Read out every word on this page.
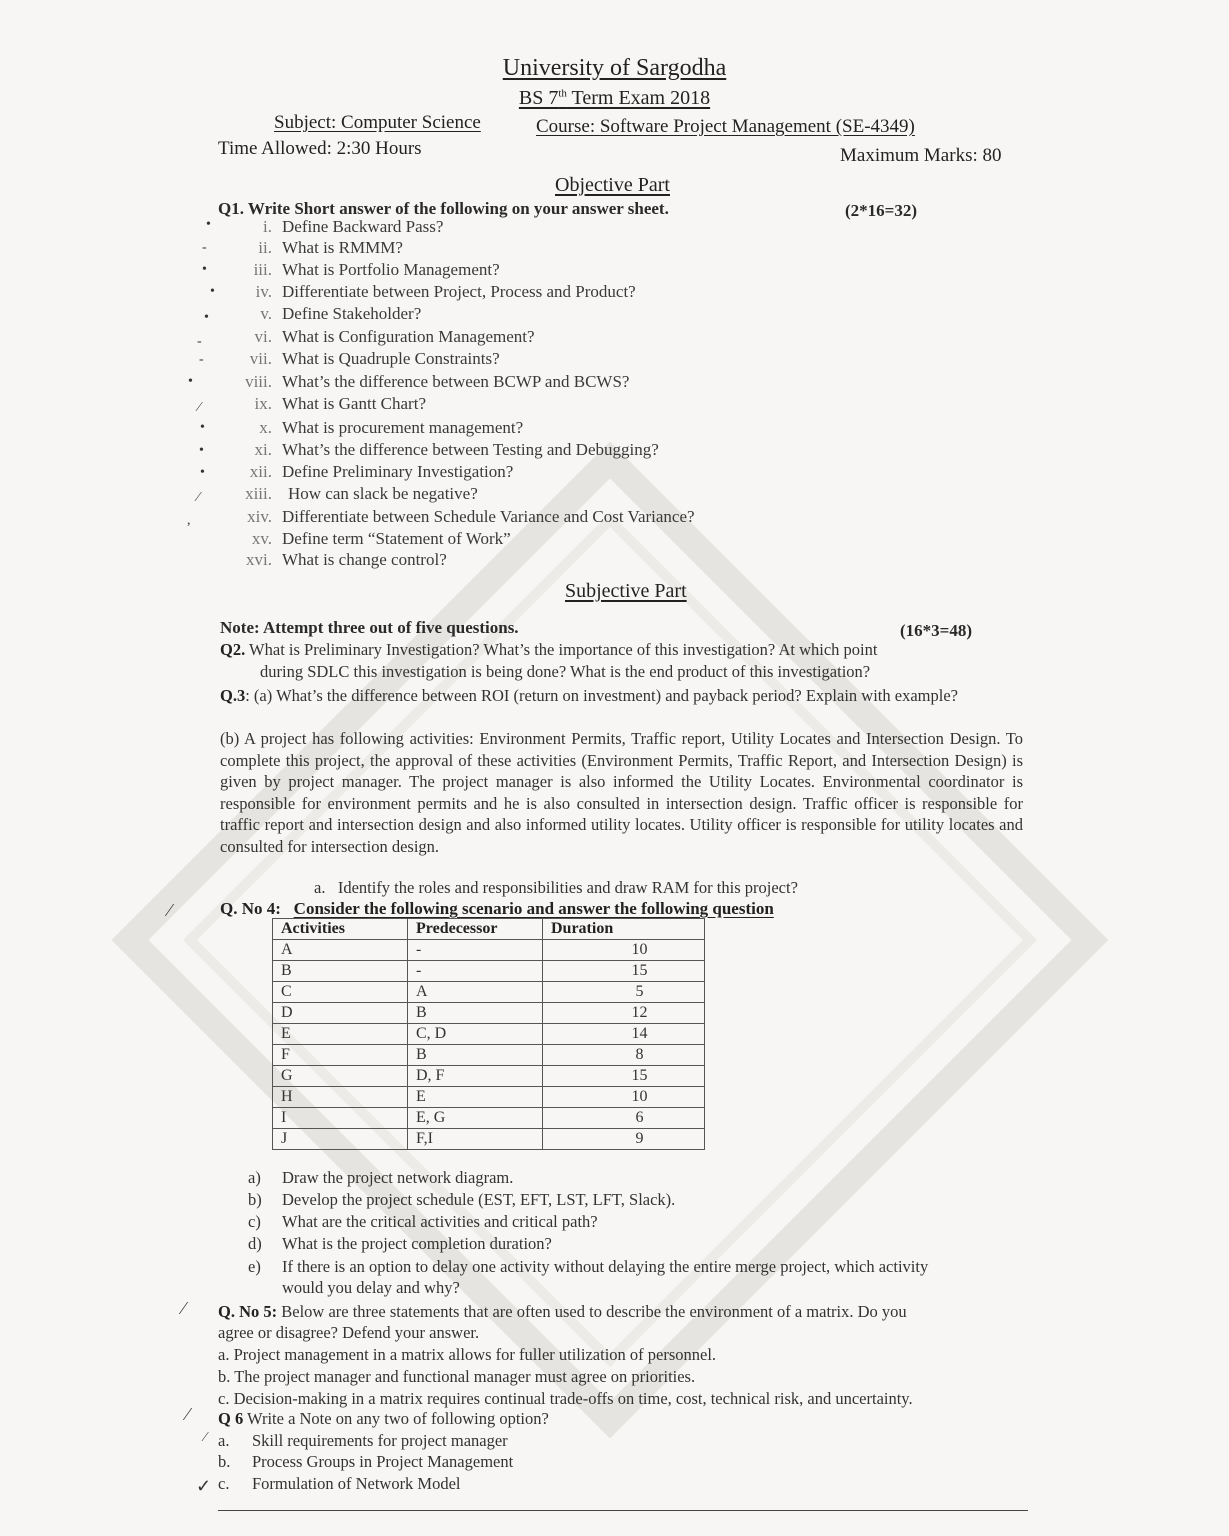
University of Sargodha
BS 7th Term Exam 2018
Subject: Computer Science	Course: Software Project Management (SE-4349)
Time Allowed: 2:30 Hours	Maximum Marks: 80
Objective Part
Q1. Write Short answer of the following on your answer sheet.	(2*16=32)
i. Define Backward Pass?
ii. What is RMMM?
iii. What is Portfolio Management?
iv. Differentiate between Project, Process and Product?
v. Define Stakeholder?
vi. What is Configuration Management?
vii. What is Quadruple Constraints?
viii. What’s the difference between BCWP and BCWS?
ix. What is Gantt Chart?
x. What is procurement management?
xi. What’s the difference between Testing and Debugging?
xii. Define Preliminary Investigation?
xiii. How can slack be negative?
xiv. Differentiate between Schedule Variance and Cost Variance?
xv. Define term “Statement of Work”
xvi. What is change control?
•
-
•
•
•
-
-
•
⁄
•
•
•
⁄
,
Subjective Part
Note: Attempt three out of five questions.	(16*3=48)
Q2. What is Preliminary Investigation? What’s the importance of this investigation? At which point
during SDLC this investigation is being done? What is the end product of this investigation?
Q.3: (a) What’s the difference between ROI (return on investment) and payback period? Explain with example?
(b) A project has following activities: Environment Permits, Traffic report, Utility Locates and Intersection Design. To complete this project, the approval of these activities (Environment Permits, Traffic Report, and Intersection Design) is given by project manager. The project manager is also informed the Utility Locates. Environmental coordinator is responsible for environment permits and he is also consulted in intersection design. Traffic officer is responsible for traffic report and intersection design and also informed utility locates. Utility officer is responsible for utility locates and consulted for intersection design.
a. Identify the roles and responsibilities and draw RAM for this project?
⁄	Q. No 4: Consider the following scenario and answer the following question
Activities	Predecessor	Duration
A	-	10
B	-	15
C	A	5
D	B	12
E	C, D	14
F	B	8
G	D, F	15
H	E	10
I	E, G	6
J	F,I	9
a)	Draw the project network diagram.
b)	Develop the project schedule (EST, EFT, LST, LFT, Slack).
c)	What are the critical activities and critical path?
d)	What is the project completion duration?
e)	If there is an option to delay one activity without delaying the entire merge project, which activity
would you delay and why?
⁄ Q. No 5: Below are three statements that are often used to describe the environment of a matrix. Do you
agree or disagree? Defend your answer.
a. Project management in a matrix allows for fuller utilization of personnel.
b. The project manager and functional manager must agree on priorities.
c. Decision-making in a matrix requires continual trade-offs on time, cost, technical risk, and uncertainty.
⁄ Q 6 Write a Note on any two of following option?
⁄ a.	Skill requirements for project manager
b.	Process Groups in Project Management
✓ c.	Formulation of Network Model
